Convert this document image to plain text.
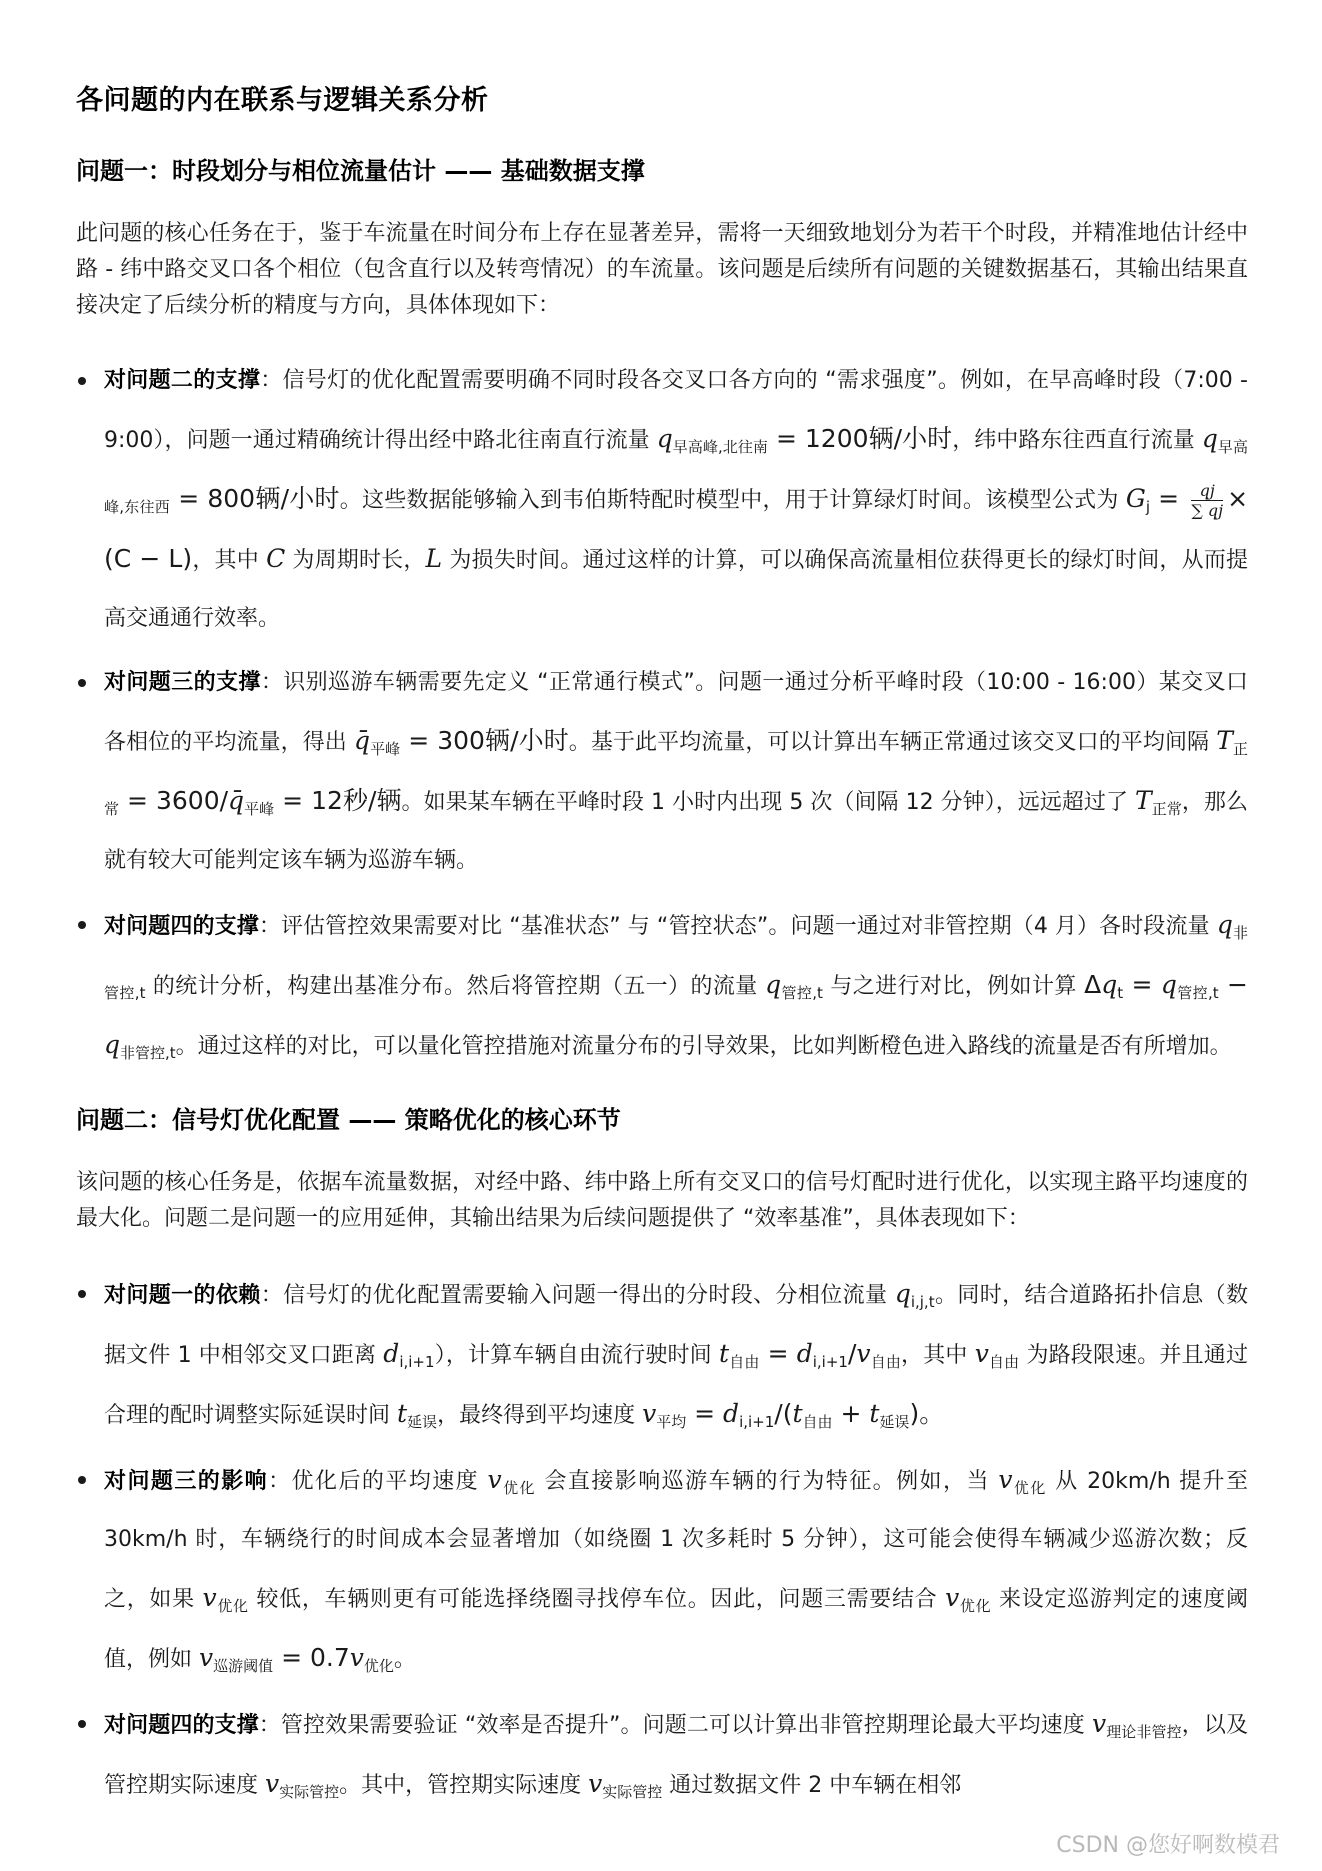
各问题的内在联系与逻辑关系分析
问题一：时段划分与相位流量估计 —— 基础数据支撑

此问题的核心任务在于，鉴于车流量在时间分布上存在显著差异，需将一天细致地划分为若干个时段，并精准地估计经中路 - 纬中路交叉口各个相位（包含直行以及转弯情况）的车流量。该问题是后续所有问题的关键数据基石，其输出结果直接决定了后续分析的精度与方向，具体体现如下：

对问题二的支撑：信号灯的优化配置需要明确不同时段各交叉口各方向的 “需求强度”。例如，在早高峰时段（7:00 - 9:00），问题一通过精确统计得出经中路北往南直行流量 $q_{早高峰,北往南} = 1200$辆/小时，纬中路东往西直行流量 $q_{早高峰,东往西} = 800$辆/小时。这些数据能够输入到韦伯斯特配时模型中，用于计算绿灯时间。该模型公式为 $G_j = \frac{qj}{\sum qj} \times (C - L)$，其中 C 为周期时长，L 为损失时间。通过这样的计算，可以确保高流量相位获得更长的绿灯时间，从而提高交通通行效率。
对问题三的支撑：识别巡游车辆需要先定义 “正常通行模式”。问题一通过分析平峰时段（10:00 - 16:00）某交叉口各相位的平均流量，得出 $q̄_{平峰} = 300$辆/小时。基于此平均流量，可以计算出车辆正常通过该交叉口的平均间隔 $T_{正常}$ = $3600/q̄_{平峰} = 12$秒/辆。如果某车辆在平峰时段 1 小时内出现 5 次（间隔 12 分钟），远远超过了 $T_{正常}$，那么就有较大可能判定该车辆为巡游车辆。
对问题四的支撑：评估管控效果需要对比 “基准状态” 与 “管控状态”。问题一通过对非管控期（4 月）各时段流量 $q_{非管控,t}$ 的统计分析，构建出基准分布。然后将管控期（五一）的流量 $q_{管控,t}$ 与之进行对比，例如计算 $\Delta q_t = q_{管控,t} - q_{非管控,t}$。通过这样的对比，可以量化管控措施对流量分布的引导效果，比如判断橙色进入路线的流量是否有所增加。
问题二：信号灯优化配置 —— 策略优化的核心环节

该问题的核心任务是，依据车流量数据，对经中路、纬中路上所有交叉口的信号灯配时进行优化，以实现主路平均速度的最大化。问题二是问题一的应用延伸，其输出结果为后续问题提供了 “效率基准”，具体表现如下：

对问题一的依赖：信号灯的优化配置需要输入问题一得出的分时段、分相位流量 $q_{i,j,t}$。同时，结合道路拓扑信息（数据文件 1 中相邻交叉口距离 $d_{i,i+1}$），计算车辆自由流行驶时间 $t_{自由} = d_{i,i+1}/v_{自由}$，其中 $v_{自由}$ 为路段限速。并且通过合理的配时调整实际延误时间 $t_{延误}$，最终得到平均速度 $v_{平均} = d_{i,i+1}/(t_{自由} + t_{延误})$。
对问题三的影响：优化后的平均速度 $v_{优化}$ 会直接影响巡游车辆的行为特征。例如，当 $v_{优化}$ 从 20km/h 提升至 30km/h 时，车辆绕行的时间成本会显著增加（如绕圈 1 次多耗时 5 分钟），这可能会使得车辆减少巡游次数；反之，如果 $v_{优化}$ 较低，车辆则更有可能选择绕圈寻找停车位。因此，问题三需要结合 $v_{优化}$ 来设定巡游判定的速度阈值，例如 $v_{巡游阈值} = 0.7v_{优化}$。
对问题四的支撑：管控效果需要验证 “效率是否提升”。问题二可以计算出非管控期理论最大平均速度 $v_{理论非管控}$，以及管控期实际速度 $v_{实际管控}$。其中，管控期实际速度 $v_{实际管控}$ 通过数据文件 2 中车辆在相邻
CSDN @您好啊数模君
